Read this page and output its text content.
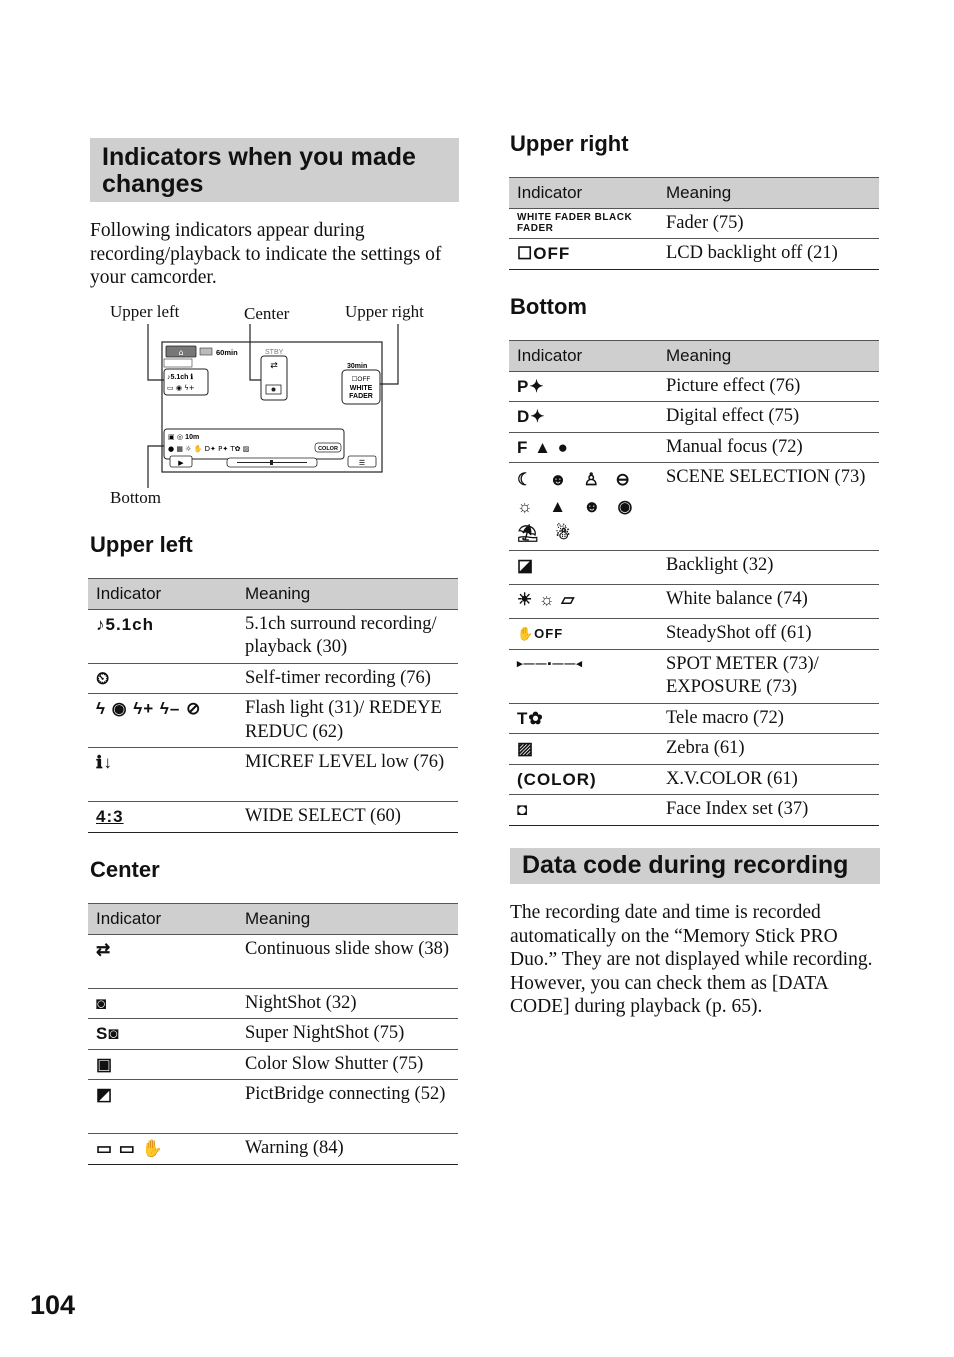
Indicators when you made changes
Following indicators appear during recording/playback to indicate the settings of your camcorder.
Upper left	Center	Upper right
Bottom
⌂	60min	STBY
30min
♪5.1ch ℹ
▭ ◉ ϟ+
⇄
☐OFF
WHITE
FADER
▣ ◎ 10m
● ▦ ☼ ✋ D✦ P✦ T✿ ▨	COLOR
▶	☰
Upper left
Indicator	Meaning
♪5.1ch	5.1ch surround recording/ playback (30)
⏲	Self-timer recording (76)
ϟ ◉ ϟ+ ϟ– ⊘	Flash light (31)/ REDEYE REDUC (62)
ℹ↓	MICREF LEVEL low (76)
4:3	WIDE SELECT (60)
Center
Indicator	Meaning
⇄	Continuous slide show (38)
◙	NightShot (32)
S◙	Super NightShot (75)
▣	Color Slow Shutter (75)
◩	PictBridge connecting (52)
▭ ▭ ✋	Warning (84)
Upper right
Indicator	Meaning
WHITE FADER BLACK FADER	Fader (75)
☐OFF	LCD backlight off (21)
Bottom
Indicator	Meaning
P✦	Picture effect (76)
D✦	Digital effect (75)
F ▲ ●	Manual focus (72)
☾ ☻ ♙ ⊖ ☼ ▲ ☻ ◉ ⛱ ☃	SCENE SELECTION (73)
◪	Backlight (32)
☀ ☼ ▱	White balance (74)
✋OFF	SteadyShot off (61)
▸——▪——◂	SPOT METER (73)/ EXPOSURE (73)
T✿	Tele macro (72)
▨	Zebra (61)
(COLOR)	X.V.COLOR (61)
◘	Face Index set (37)
Data code during recording
The recording date and time is recorded automatically on the “Memory Stick PRO Duo.” They are not displayed while recording. However, you can check them as [DATA CODE] during playback (p. 65).
104
